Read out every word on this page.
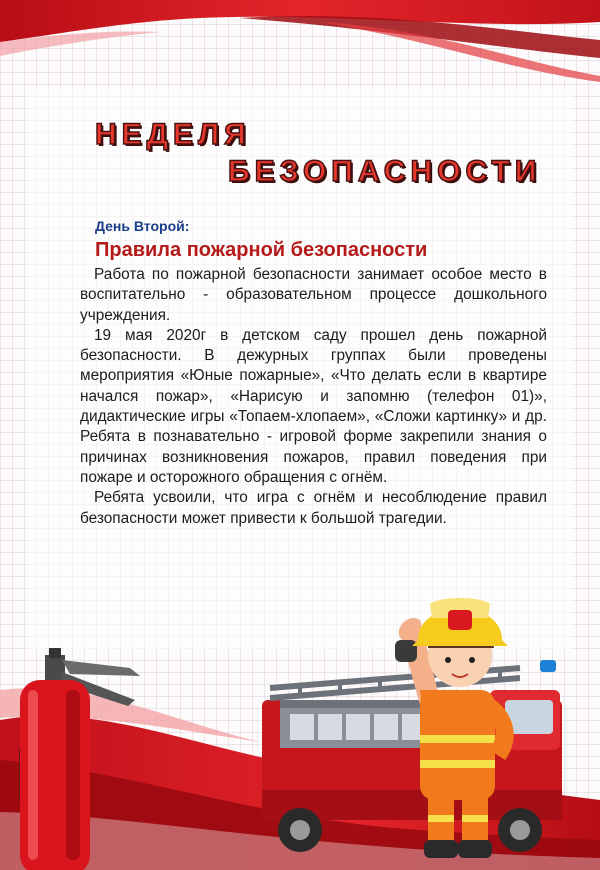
НЕДЕЛЯ
БЕЗОПАСНОСТИ
День Второй:
Правила пожарной безопасности

Работа по пожарной безопасности занимает особое место в воспитательно - образовательном процессе дошкольного учреждения.

19 мая 2020г в детском саду прошел день пожарной безопасности. В дежурных группах были проведены мероприятия «Юные пожарные», «Что делать если в квартире начался пожар», «Нарисую и запомню (телефон 01)», дидактические игры «Топаем-хлопаем», «Сложи картинку» и др. Ребята в познавательно - игровой форме закрепили знания о причинах возникновения пожаров, правил поведения при пожаре и осторожного обращения с огнём.

Ребята усвоили, что игра с огнём и несоблюдение правил безопасности может привести к большой трагедии.
